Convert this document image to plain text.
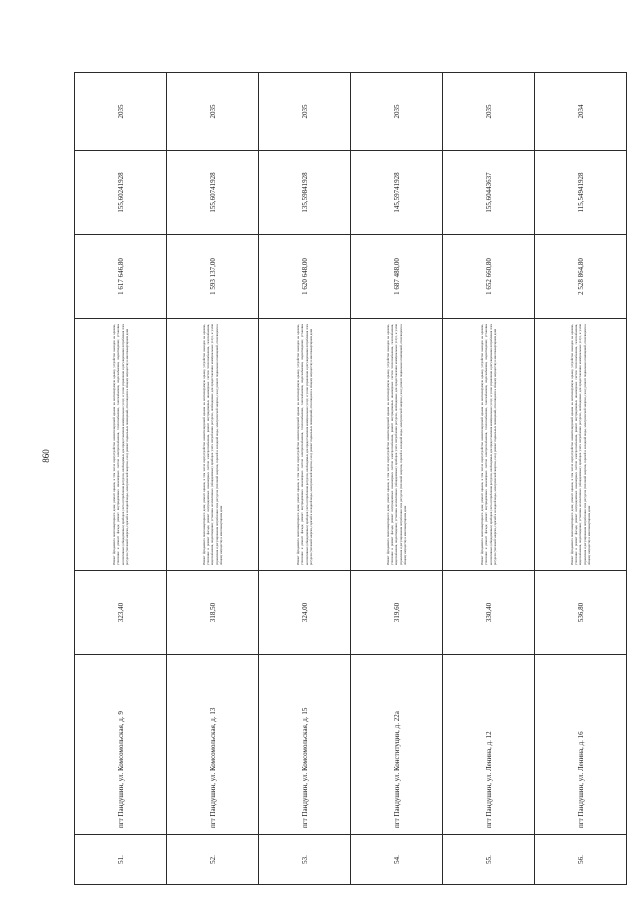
860
51.	пгт Пандушин, ул. Комсомольская, д. 9	323,40	Ремонт фундамента многоквартирного дома; ремонт крыши, в том числе переустройство невентилируемой крыши на вентилируемую крышу, устройство выходов на кровлю, утепление и ремонт фасада; ремонт внутридомовых инженерных систем электроснабжения, теплоснабжения, газоснабжения, водоснабжения, водоотведения; установка коллективных (общедомовых) приборов учета потребления ресурсов, необходимых для предоставления коммунальных услуг, и узлов управления и регулирования потребления этих ресурсов (тепловой энергии, горячей и холодной воды, электрической энергии, газа); ремонт подвальных помещений, относящихся к общему имуществу в многоквартирном доме	1 617 646,80	155,60241928	2035
52.	пгт Пандушин, ул. Комсомольская, д. 13	318,50	Ремонт фундамента многоквартирного дома; ремонт крыши, в том числе переустройство невентилируемой крыши на вентилируемую крышу, устройство выходов на кровлю, утепление и ремонт фасада; ремонт внутридомовых инженерных систем электроснабжения, ремонт внутридомовых инженерных систем теплоснабжения, газоснабжения, водоснабжения, водоотведения; установка коллективных (общедомовых) приборов учета потребления ресурсов, необходимых для предоставления коммунальных услуг, и узлов управления и регулирования потребления этих ресурсов (тепловой энергии, горячей и холодной воды, электрической энергии, газа); ремонт подвальных помещений, относящихся к общему имуществу в многоквартирном доме	1 593 137,00	155,60741928	2035
53.	пгт Пандушин, ул. Комсомольская, д. 15	324,00	Ремонт фундамента многоквартирного дома; ремонт крыши, в том числе переустройство невентилируемой крыши на вентилируемую крышу, устройство выходов на кровлю, утепление и ремонт фасада; ремонт внутридомовых инженерных систем электроснабжения, теплоснабжения, газоснабжения, водоснабжения, водоотведения; установка коллективных (общедомовых) приборов учета потребления ресурсов, необходимых для предоставления коммунальных услуг, и узлов управления и регулирования потребления этих ресурсов (тепловой энергии, горячей и холодной воды, электрической энергии, газа); ремонт подвальных помещений, относящихся к общему имуществу в многоквартирном доме	1 620 648,00	135,59841928	2035
54.	пгт Пандушин, ул. Конституции, д. 22а	319,60	Ремонт фундамента многоквартирного дома; ремонт крыши, в том числе переустройство невентилируемой крыши на вентилируемую крышу, устройство выходов на кровлю, утепление и ремонт фасада; ремонт внутридомовых инженерных систем электроснабжения, ремонт внутридомовых инженерных систем теплоснабжения, газоснабжения, водоснабжения, водоотведения; установка коллективных (общедомовых) приборов учета потребления ресурсов, необходимых для предоставления коммунальных услуг, и узлов управления и регулирования потребления этих ресурсов (тепловой энергии, горячей и холодной воды, электрической энергии, газа); ремонт подвальных помещений, относящихся к общему имуществу в многоквартирном доме	1 687 488,00	145,59741928	2035
55.	пгт Пандушин, ул. Ленина, д. 12	330,40	Ремонт фундамента многоквартирного дома; ремонт крыши, в том числе переустройство невентилируемой крыши на вентилируемую крышу, устройство выходов на кровлю, утепление и ремонт фасада; ремонт внутридомовых инженерных систем электроснабжения, теплоснабжения, газоснабжения, водоснабжения, водоотведения; установка коллективных (общедомовых) приборов учета потребления ресурсов, необходимых для предоставления коммунальных услуг, и узлов управления и регулирования потребления этих ресурсов (тепловой энергии, горячей и холодной воды, электрической энергии, газа); ремонт подвальных помещений, относящихся к общему имуществу в многоквартирном доме	1 652 660,80	155,60443637	2035
56.	пгт Пандушин, ул. Ленина, д. 16	536,80	Ремонт фундамента многоквартирного дома; ремонт крыши, в том числе переустройство невентилируемой крыши на вентилируемую крышу, устройство выходов на кровлю, утепление и ремонт фасада; ремонт внутридомовых инженерных систем электроснабжения, ремонт внутридомовых инженерных систем теплоснабжения, газоснабжения, водоснабжения, водоотведения; установка коллективных (общедомовых) приборов учета потребления ресурсов, необходимых для предоставления коммунальных услуг, и узлов управления и регулирования потребления этих ресурсов (тепловой энергии, горячей и холодной воды, электрической энергии, газа); ремонт подвальных помещений, относящихся к общему имуществу в многоквартирном доме	2 528 864,80	115,54941928	2034
